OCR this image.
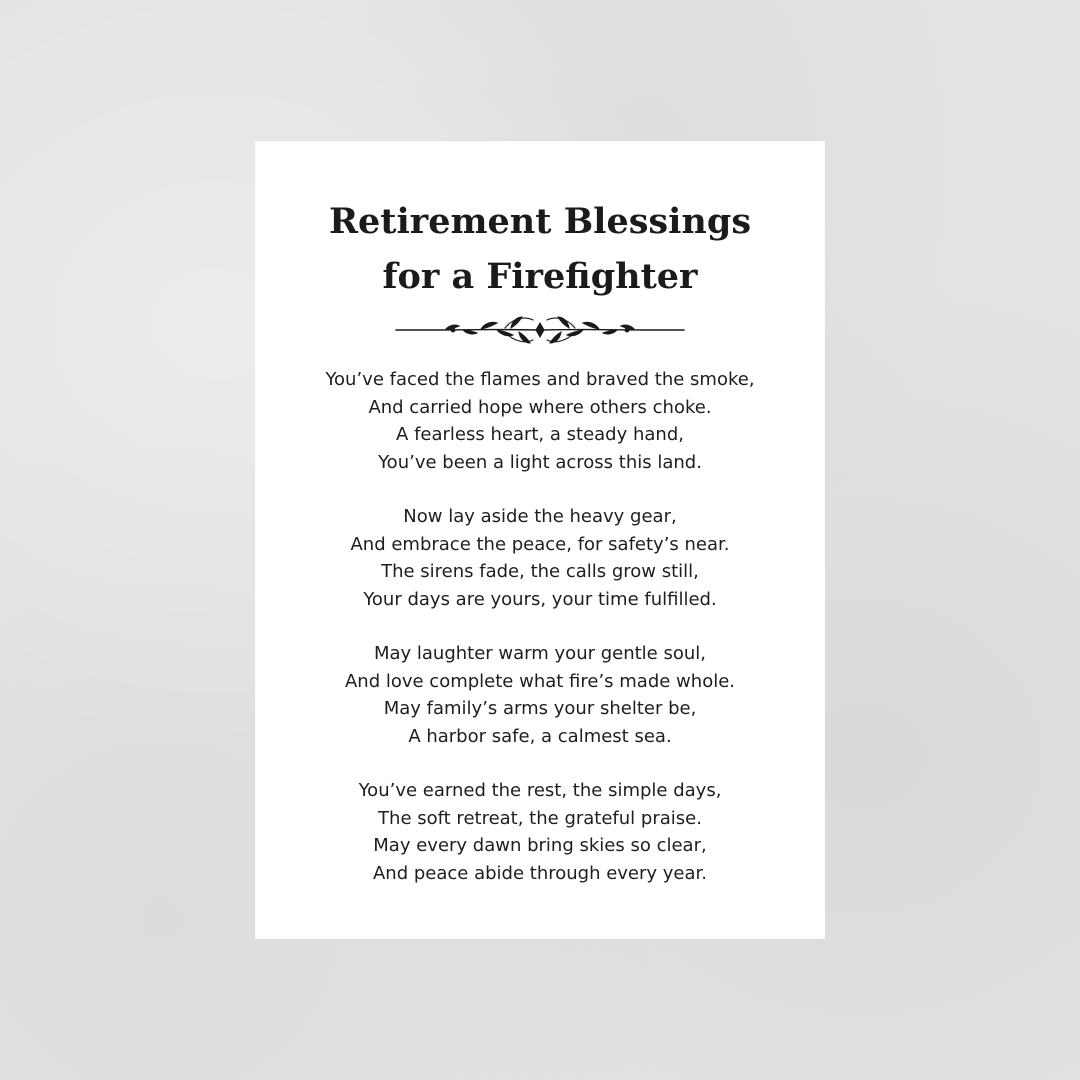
Retirement Blessings
for a Firefighter
You’ve faced the flames and braved the smoke,
And carried hope where others choke.
A fearless heart, a steady hand,
You’ve been a light across this land.
Now lay aside the heavy gear,
And embrace the peace, for safety’s near.
The sirens fade, the calls grow still,
Your days are yours, your time fulfilled.
May laughter warm your gentle soul,
And love complete what fire’s made whole.
May family’s arms your shelter be,
A harbor safe, a calmest sea.
You’ve earned the rest, the simple days,
The soft retreat, the grateful praise.
May every dawn bring skies so clear,
And peace abide through every year.
